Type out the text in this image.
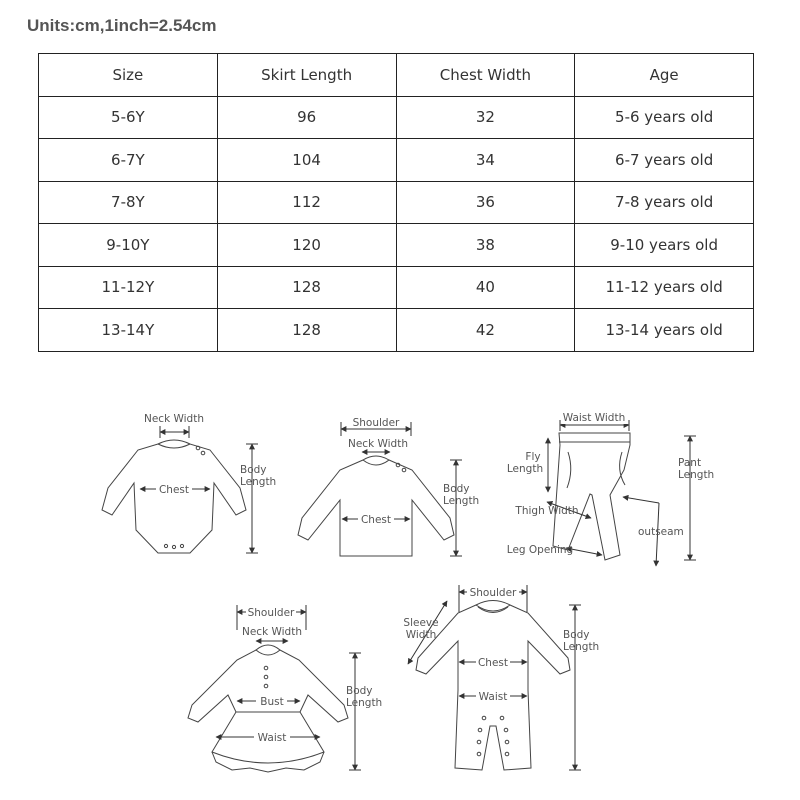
Units:cm,1inch=2.54cm
Size	Skirt Length	Chest Width	Age
5-6Y	96	32	5-6 years old
6-7Y	104	34	6-7 years old
7-8Y	112	36	7-8 years old
9-10Y	120	38	9-10 years old
11-12Y	128	40	11-12 years old
13-14Y	128	42	13-14 years old
Neck Width
Body
Length
Chest
Shoulder
Neck Width
Chest
Body
Length
Waist Width
Fly
Length	Pant
Length
Thigh Width
outseam
Leg Opening
Shoulder
Neck Width
Bust
Waist
Body
Length
Shoulder
Sleeve
Width
Chest
Waist
Body
Length
